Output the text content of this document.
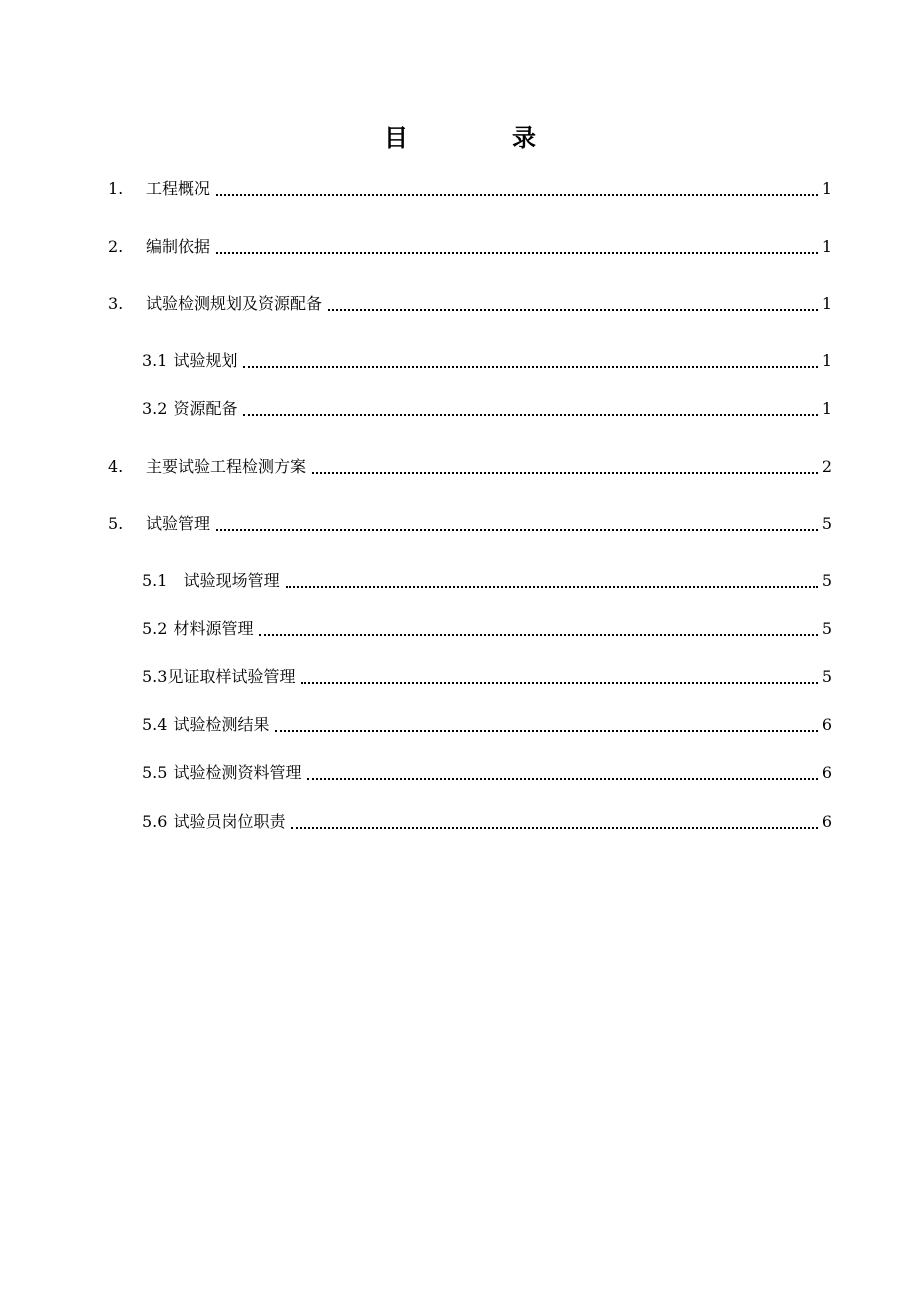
目　录
1.	工程概况	1
2.	编制依据	1
3.	试验检测规划及资源配备	1
3.1 试验规划	1
3.2 资源配备	1
4.	主要试验工程检测方案	2
5.	试验管理	5
5.1 试验现场管理	5
5.2 材料源管理	5
5.3 见证取样试验管理	5
5.4 试验检测结果	6
5.5 试验检测资料管理	6
5.6 试验员岗位职责	6
